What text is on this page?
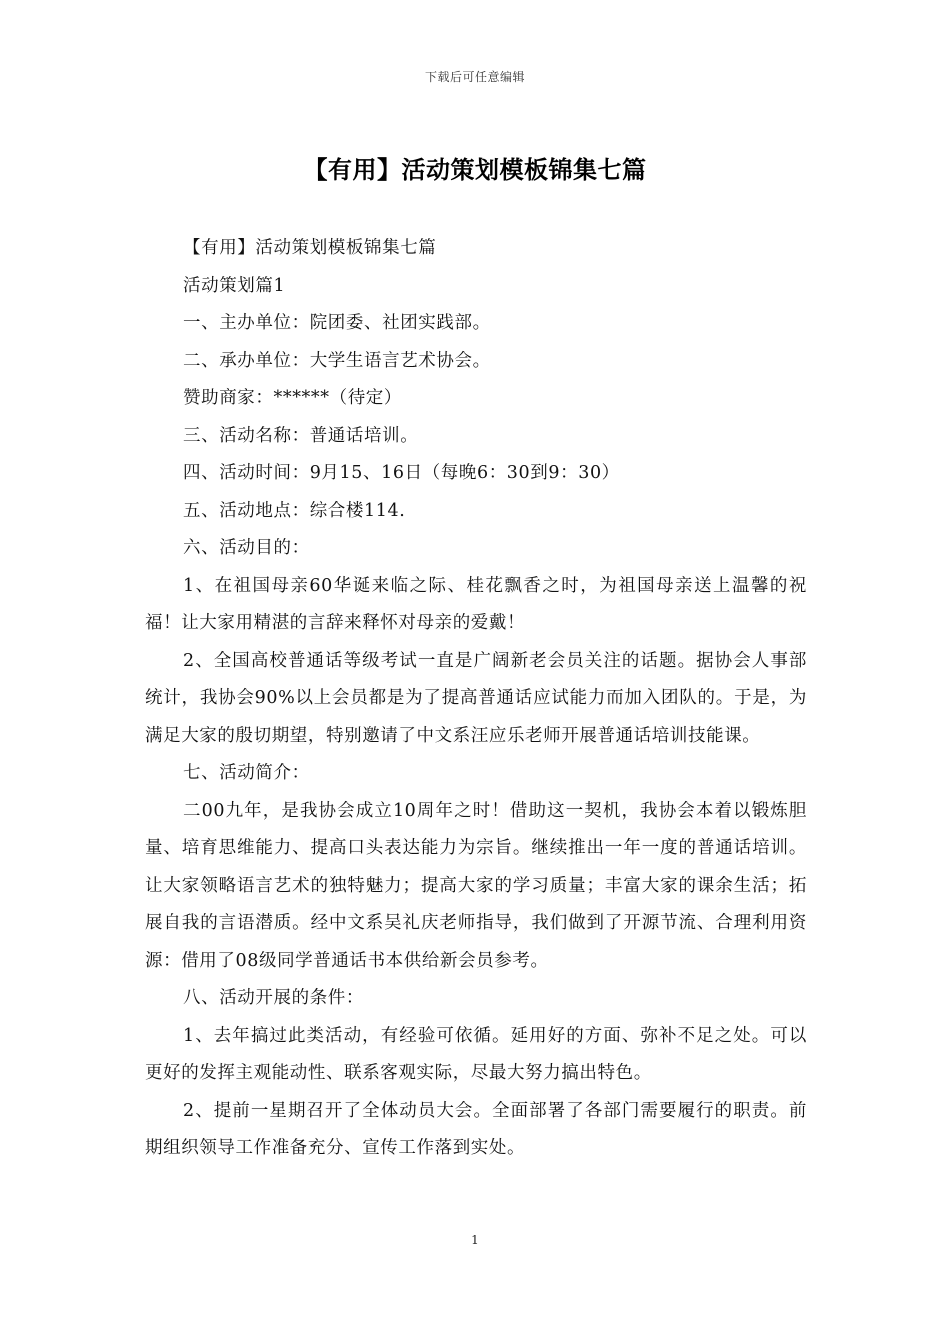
下载后可任意编辑
【有用】活动策划模板锦集七篇

【有用】活动策划模板锦集七篇

活动策划篇1

一、主办单位：院团委、社团实践部。

二、承办单位：大学生语言艺术协会。

赞助商家：******（待定）

三、活动名称：普通话培训。

四、活动时间：9月15、16日（每晚6：30到9：30）

五、活动地点：综合楼114.

六、活动目的：

1、在祖国母亲60华诞来临之际、桂花飘香之时，为祖国母亲送上温馨的祝福！让大家用精湛的言辞来释怀对母亲的爱戴！

2、全国高校普通话等级考试一直是广阔新老会员关注的话题。据协会人事部统计，我协会90%以上会员都是为了提高普通话应试能力而加入团队的。于是，为满足大家的殷切期望，特别邀请了中文系汪应乐老师开展普通话培训技能课。

七、活动简介：

二00九年，是我协会成立10周年之时！借助这一契机，我协会本着以锻炼胆量、培育思维能力、提高口头表达能力为宗旨。继续推出一年一度的普通话培训。让大家领略语言艺术的独特魅力；提高大家的学习质量；丰富大家的课余生活；拓展自我的言语潜质。经中文系吴礼庆老师指导，我们做到了开源节流、合理利用资源：借用了08级同学普通话书本供给新会员参考。

八、活动开展的条件：

1、去年搞过此类活动，有经验可依循。延用好的方面、弥补不足之处。可以更好的发挥主观能动性、联系客观实际，尽最大努力搞出特色。

2、提前一星期召开了全体动员大会。全面部署了各部门需要履行的职责。前期组织领导工作准备充分、宣传工作落到实处。

1
